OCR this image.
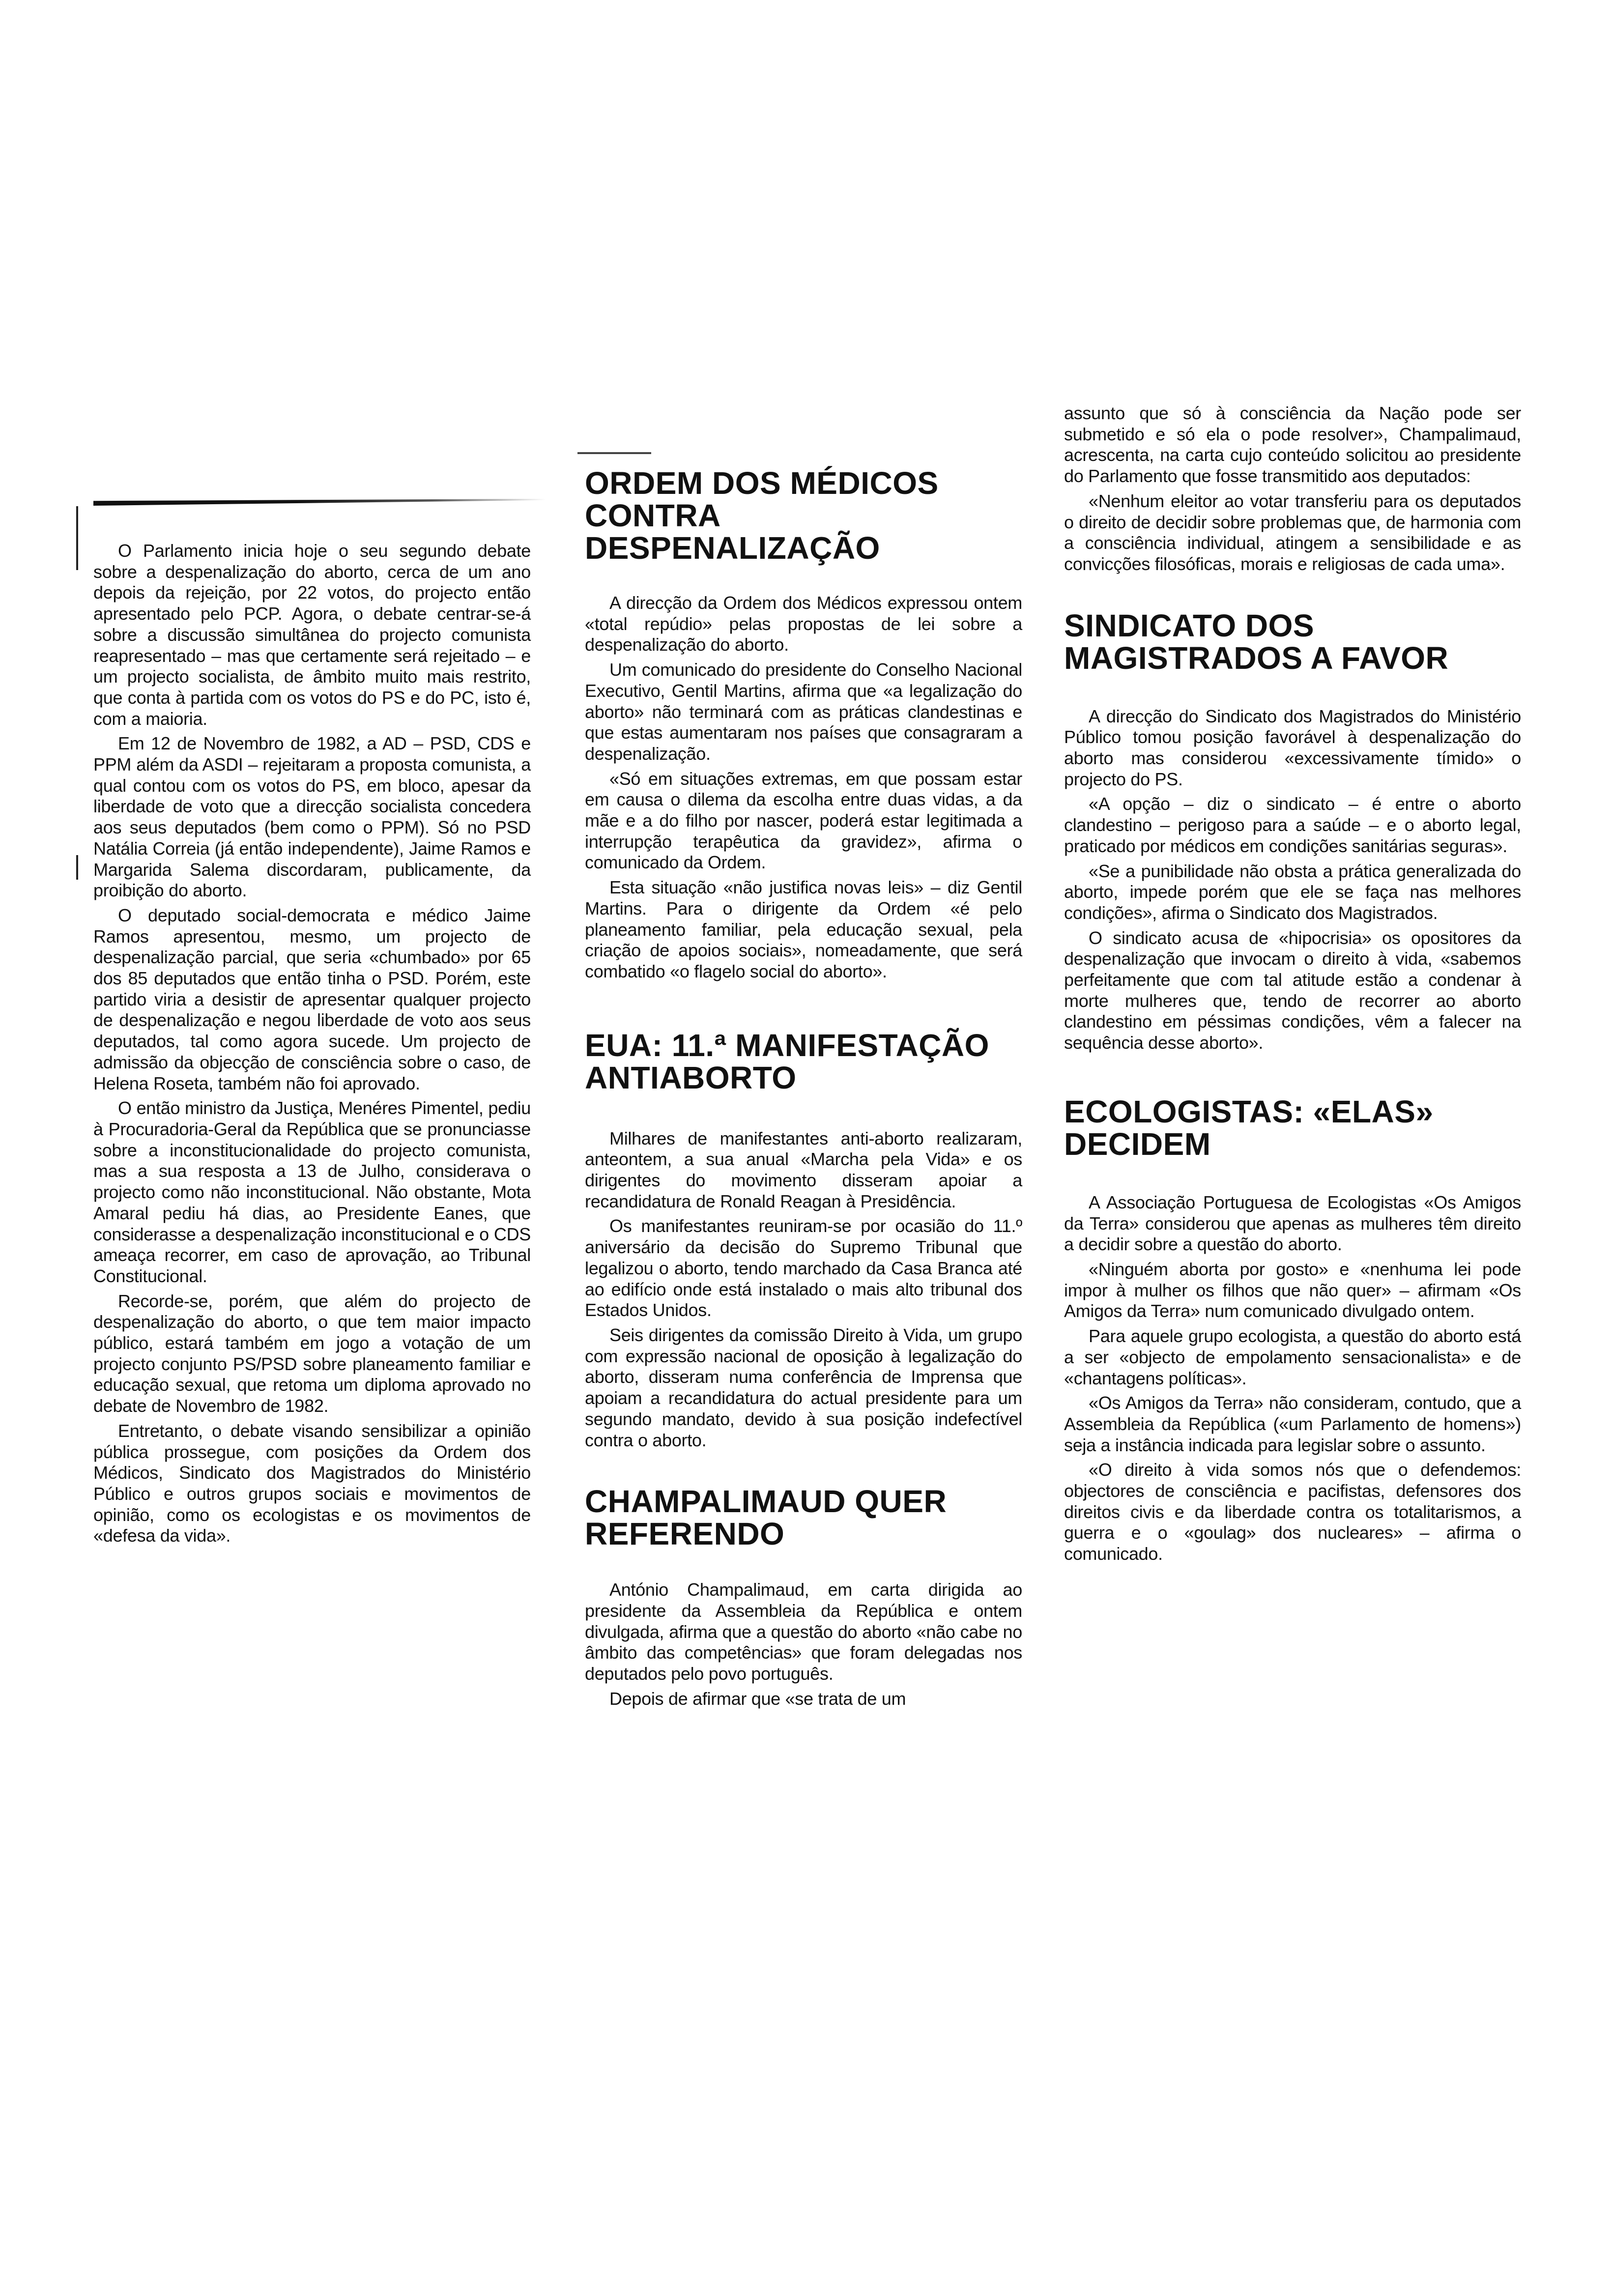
O Parlamento inicia hoje o seu segundo debate sobre a despenalização do aborto, cerca de um ano depois da rejeição, por 22 votos, do projecto então apresentado pelo PCP. Agora, o debate centrar-se-á sobre a discussão simultânea do projecto comunista reapresentado – mas que certamente será rejeitado – e um projecto socialista, de âmbito muito mais restrito, que conta à partida com os votos do PS e do PC, isto é, com a maioria.

Em 12 de Novembro de 1982, a AD – PSD, CDS e PPM além da ASDI – rejeitaram a proposta comunista, a qual contou com os votos do PS, em bloco, apesar da liberdade de voto que a direcção socialista concedera aos seus deputados (bem como o PPM). Só no PSD Natália Correia (já então independente), Jaime Ramos e Margarida Salema discordaram, publicamente, da proibição do aborto.

O deputado social-democrata e médico Jaime Ramos apresentou, mesmo, um projecto de despenalização parcial, que seria «chumbado» por 65 dos 85 deputados que então tinha o PSD. Porém, este partido viria a desistir de apresentar qualquer projecto de despenalização e negou liberdade de voto aos seus deputados, tal como agora sucede. Um projecto de admissão da objecção de consciência sobre o caso, de Helena Roseta, também não foi aprovado.

O então ministro da Justiça, Menéres Pimentel, pediu à Procuradoria-Geral da República que se pronunciasse sobre a inconstitucionalidade do projecto comunista, mas a sua resposta a 13 de Julho, considerava o projecto como não inconstitucional. Não obstante, Mota Amaral pediu há dias, ao Presidente Eanes, que considerasse a despenalização inconstitucional e o CDS ameaça recorrer, em caso de aprovação, ao Tribunal Constitucional.

Recorde-se, porém, que além do projecto de despenalização do aborto, o que tem maior impacto público, estará também em jogo a votação de um projecto conjunto PS/PSD sobre planeamento familiar e educação sexual, que retoma um diploma aprovado no debate de Novembro de 1982.

Entretanto, o debate visando sensibilizar a opinião pública prossegue, com posições da Ordem dos Médicos, Sindicato dos Magistrados do Ministério Público e outros grupos sociais e movimentos de opinião, como os ecologistas e os movimentos de «defesa da vida».

ORDEM DOS MÉDICOS CONTRA DESPENALIZAÇÃO

A direcção da Ordem dos Médicos expressou ontem «total repúdio» pelas propostas de lei sobre a despenalização do aborto.

Um comunicado do presidente do Conselho Nacional Executivo, Gentil Martins, afirma que «a legalização do aborto» não terminará com as práticas clandestinas e que estas aumentaram nos países que consagraram a despenalização.

«Só em situações extremas, em que possam estar em causa o dilema da escolha entre duas vidas, a da mãe e a do filho por nascer, poderá estar legitimada a interrupção terapêutica da gravidez», afirma o comunicado da Ordem.

Esta situação «não justifica novas leis» – diz Gentil Martins. Para o dirigente da Ordem «é pelo planeamento familiar, pela educação sexual, pela criação de apoios sociais», nomeadamente, que será combatido «o flagelo social do aborto».

EUA: 11.ª MANIFESTAÇÃO ANTIABORTO

Milhares de manifestantes anti-aborto realizaram, anteontem, a sua anual «Marcha pela Vida» e os dirigentes do movimento disseram apoiar a recandidatura de Ronald Reagan à Presidência.

Os manifestantes reuniram-se por ocasião do 11.º aniversário da decisão do Supremo Tribunal que legalizou o aborto, tendo marchado da Casa Branca até ao edifício onde está instalado o mais alto tribunal dos Estados Unidos.

Seis dirigentes da comissão Direito à Vida, um grupo com expressão nacional de oposição à legalização do aborto, disseram numa conferência de Imprensa que apoiam a recandidatura do actual presidente para um segundo mandato, devido à sua posição indefectível contra o aborto.

CHAMPALIMAUD QUER REFERENDO

António Champalimaud, em carta dirigida ao presidente da Assembleia da República e ontem divulgada, afirma que a questão do aborto «não cabe no âmbito das competências» que foram delegadas nos deputados pelo povo português.

Depois de afirmar que «se trata de um

assunto que só à consciência da Nação pode ser submetido e só ela o pode resolver», Champalimaud, acrescenta, na carta cujo conteúdo solicitou ao presidente do Parlamento que fosse transmitido aos deputados:

«Nenhum eleitor ao votar transferiu para os deputados o direito de decidir sobre problemas que, de harmonia com a consciência individual, atingem a sensibilidade e as convicções filosóficas, morais e religiosas de cada uma».

SINDICATO DOS MAGISTRADOS A FAVOR

A direcção do Sindicato dos Magistrados do Ministério Público tomou posição favorável à despenalização do aborto mas considerou «excessivamente tímido» o projecto do PS.

«A opção – diz o sindicato – é entre o aborto clandestino – perigoso para a saúde – e o aborto legal, praticado por médicos em condições sanitárias seguras».

«Se a punibilidade não obsta a prática generalizada do aborto, impede porém que ele se faça nas melhores condições», afirma o Sindicato dos Magistrados.

O sindicato acusa de «hipocrisia» os opositores da despenalização que invocam o direito à vida, «sabemos perfeitamente que com tal atitude estão a condenar à morte mulheres que, tendo de recorrer ao aborto clandestino em péssimas condições, vêm a falecer na sequência desse aborto».

ECOLOGISTAS: «ELAS» DECIDEM

A Associação Portuguesa de Ecologistas «Os Amigos da Terra» considerou que apenas as mulheres têm direito a decidir sobre a questão do aborto.

«Ninguém aborta por gosto» e «nenhuma lei pode impor à mulher os filhos que não quer» – afirmam «Os Amigos da Terra» num comunicado divulgado ontem.

Para aquele grupo ecologista, a questão do aborto está a ser «objecto de empolamento sensacionalista» e de «chantagens políticas».

«Os Amigos da Terra» não consideram, contudo, que a Assembleia da República («um Parlamento de homens») seja a instância indicada para legislar sobre o assunto.

«O direito à vida somos nós que o defendemos: objectores de consciência e pacifistas, defensores dos direitos civis e da liberdade contra os totalitarismos, a guerra e o «goulag» dos nucleares» – afirma o comunicado.
